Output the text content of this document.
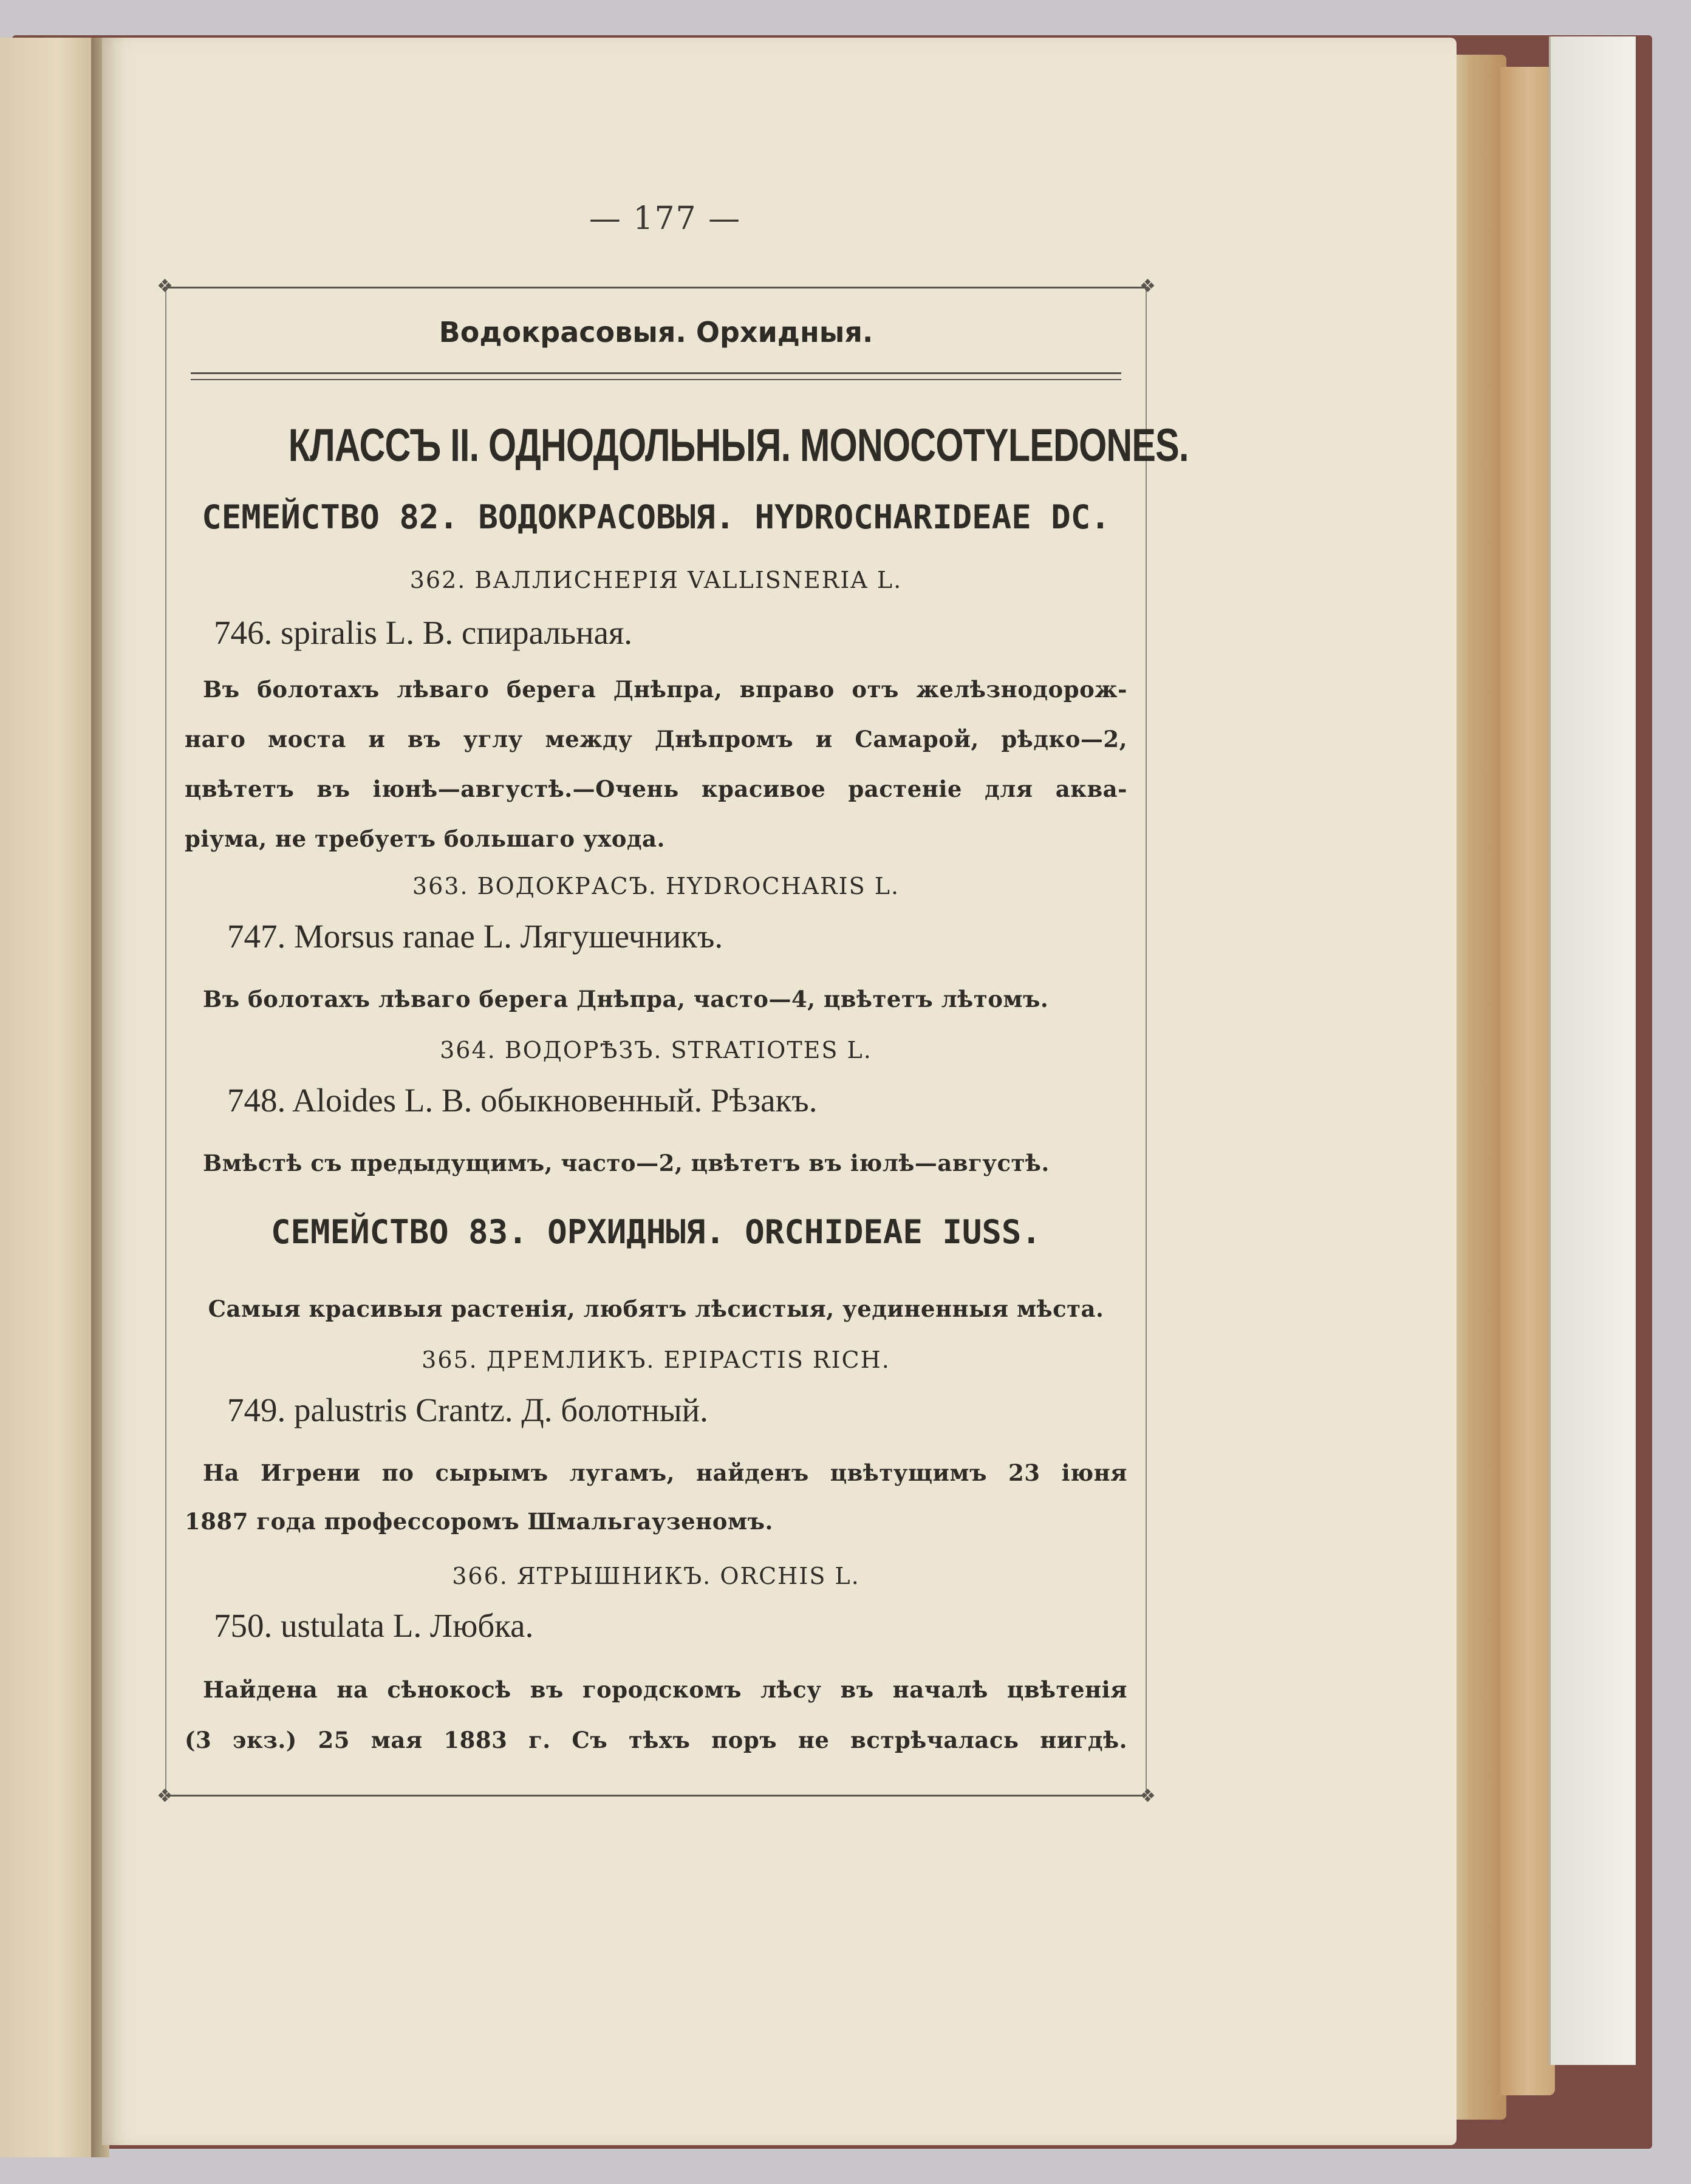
— 177 —
❖	❖
❖	❖
Водокрасовыя. Орхидныя.
КЛАССЪ II. ОДНОДОЛЬНЫЯ. MONOCOTYLEDONES.
СЕМЕЙСТВО 82. ВОДОКРАСОВЫЯ. HYDROCHARIDEAE DC.
362. ВАЛЛИСНЕРIЯ VALLISNERIA L.
746. spiralis L. В. спиральная.
Въ болотахъ лѣваго берега Днѣпра, вправо отъ желѣзнодорож-
наго моста и въ углу между Днѣпромъ и Самарой, рѣдко—2,
цвѣтетъ въ iюнѣ—августѣ.—Очень красивое растенiе для аква-
рiума, не требуетъ большаго ухода.
363. ВОДОКРАСЪ. HYDROCHARIS L.
747. Morsus ranae L. Лягушечникъ.
Въ болотахъ лѣваго берега Днѣпра, часто—4, цвѣтетъ лѣтомъ.
364. ВОДОРѢЗЪ. STRATIOTES L.
748. Aloides L. В. обыкновенный. Рѣзакъ.
Вмѣстѣ съ предыдущимъ, часто—2, цвѣтетъ въ iюлѣ—августѣ.
СЕМЕЙСТВО 83. ОРХИДНЫЯ. ORCHIDEAE IUSS.
Самыя красивыя растенiя, любятъ лѣсистыя, уединенныя мѣста.
365. ДРЕМЛИКЪ. EPIPACTIS RICH.
749. palustris Crantz. Д. болотный.
На Игрени по сырымъ лугамъ, найденъ цвѣтущимъ 23 iюня
1887 года профессоромъ Шмальгаузеномъ.
366. ЯТРЫШНИКЪ. ORCHIS L.
750. ustulata L. Любка.
Найдена на сѣнокосѣ въ городскомъ лѣсу въ началѣ цвѣтенiя
(3 экз.) 25 мая 1883 г. Съ тѣхъ поръ не встрѣчалась нигдѣ.
